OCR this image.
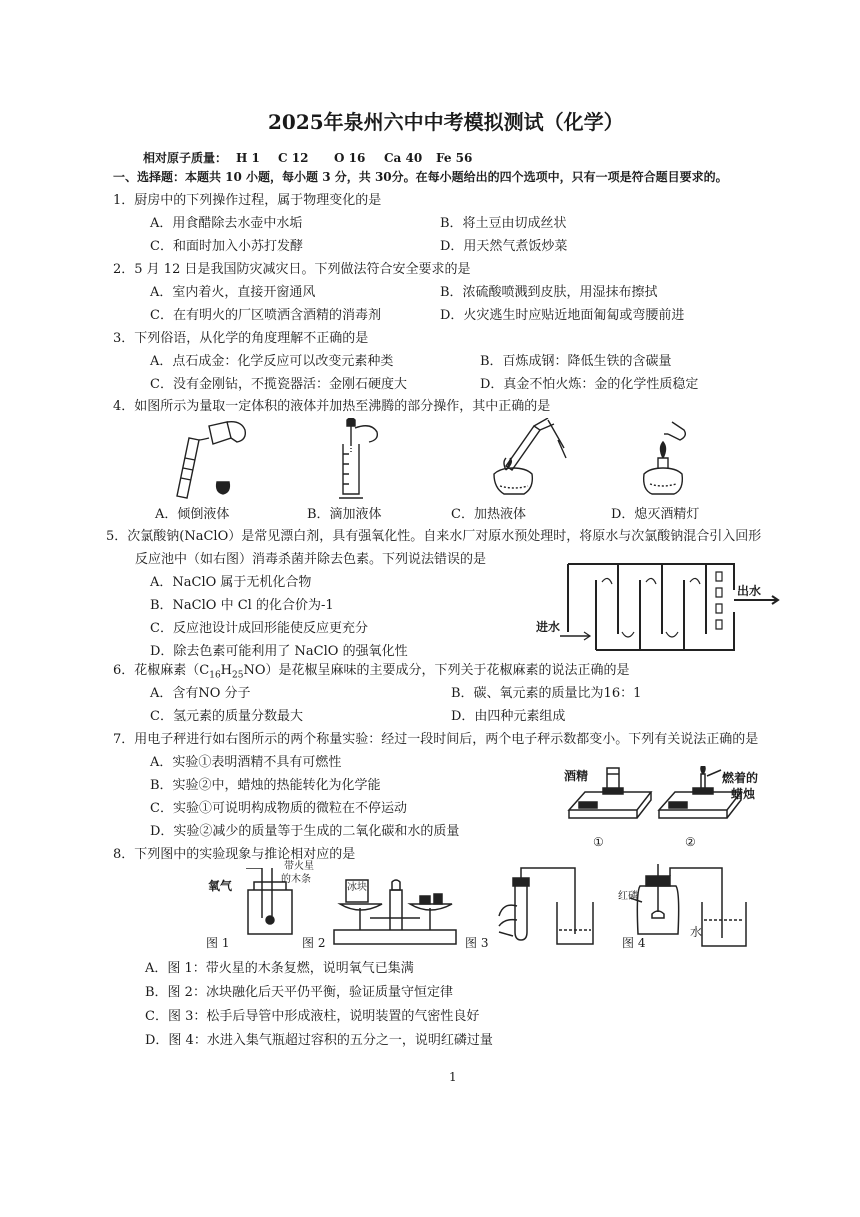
2025年泉州六中中考模拟测试（化学）
相对原子质量： H 1 C 12 O 16 Ca 40 Fe 56
一、选择题：本题共 10 小题，每小题 3 分，共 30分。在每小题给出的四个选项中，只有一项是符合题目要求的。
1．厨房中的下列操作过程，属于物理变化的是
A．用食醋除去水壶中水垢	B．将土豆由切成丝状
C．和面时加入小苏打发酵	D．用天然气煮饭炒菜
2．5 月 12 日是我国防灾减灾日。下列做法符合安全要求的是
A．室内着火，直接开窗通风	B．浓硫酸喷溅到皮肤，用湿抹布擦拭
C．在有明火的厂区喷洒含酒精的消毒剂	D．火灾逃生时应贴近地面匍匐或弯腰前进
3．下列俗语，从化学的角度理解不正确的是
A．点石成金：化学反应可以改变元素种类	B．百炼成钢：降低生铁的含碳量
C．没有金刚钻，不揽瓷器活：金刚石硬度大	D．真金不怕火炼：金的化学性质稳定
4．如图所示为量取一定体积的液体并加热至沸腾的部分操作，其中正确的是
A．倾倒液体	B．滴加液体	C．加热液体	D．熄灭酒精灯
5．次氯酸钠(NaClO）是常见漂白剂，具有强氧化性。自来水厂对原水预处理时，将原水与次氯酸钠混合引入回形
反应池中（如右图）消毒杀菌并除去色素。下列说法错误的是
A．NaClO 属于无机化合物
B．NaClO 中 Cl 的化合价为-1
C．反应池设计成回形能使反应更充分
D．除去色素可能利用了 NaClO 的强氧化性
进水
出水
6．花椒麻素$(C_{16}H_{25}NO)$是花椒呈麻味的主要成分，下列关于花椒麻素的说法正确的是
A．含有NO 分子	B．碳、氧元素的质量比为16：1
C．氢元素的质量分数最大	D．由四种元素组成
7．用电子秤进行如右图所示的两个称量实验：经过一段时间后，两个电子秤示数都变小。下列有关说法正确的是
A．实验①表明酒精不具有可燃性
B．实验②中，蜡烛的热能转化为化学能
C．实验①可说明构成物质的微粒在不停运动
D．实验②减少的质量等于生成的二氧化碳和水的质量
酒精	燃着的
蜡烛
①	②
8．下列图中的实验现象与推论相对应的是
氧气
带火星
的木条
图 1
冰块
图 2	图 3
红磷
水
图 4
A．图 1：带火星的木条复燃，说明氧气已集满
B．图 2：冰块融化后天平仍平衡，验证质量守恒定律
C．图 3：松手后导管中形成液柱，说明装置的气密性良好
D．图 4：水进入集气瓶超过容积的五分之一，说明红磷过量
1
